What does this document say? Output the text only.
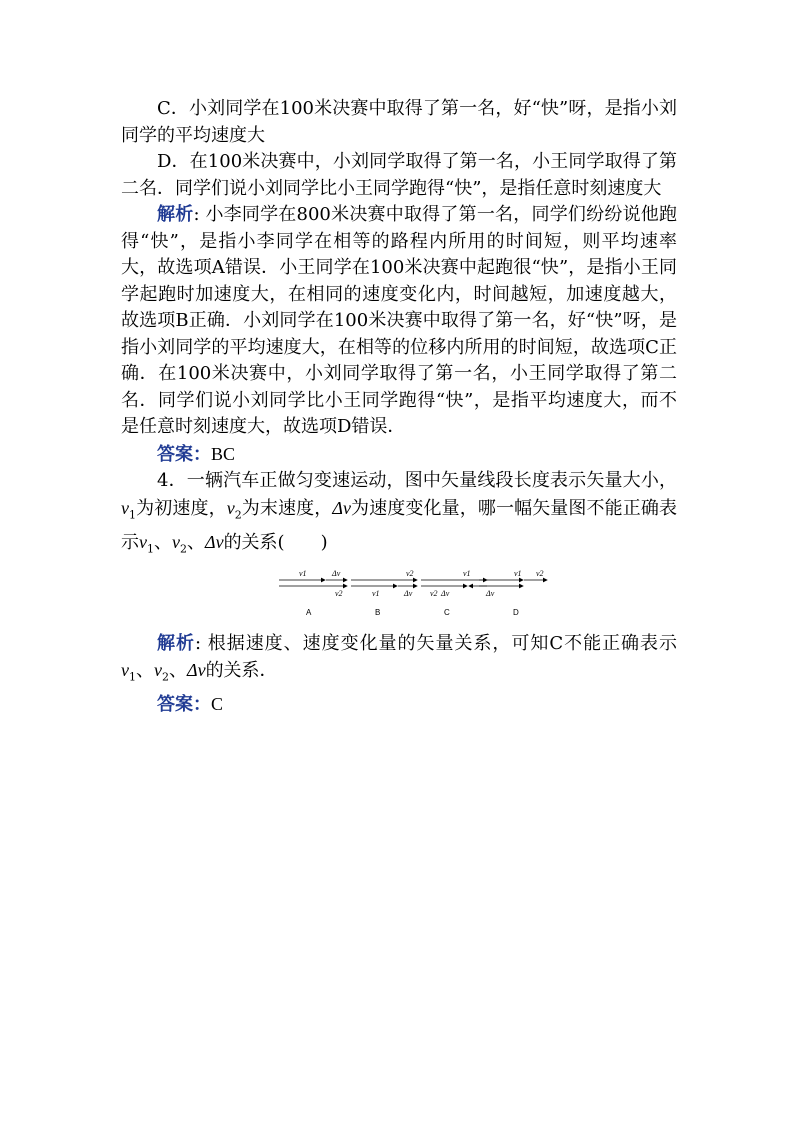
C．小刘同学在100米决赛中取得了第一名，好“快”呀，是指小刘同学的平均速度大

D．在100米决赛中，小刘同学取得了第一名，小王同学取得了第二名．同学们说小刘同学比小王同学跑得“快”，是指任意时刻速度大

解析: 小李同学在800米决赛中取得了第一名，同学们纷纷说他跑得“快”，是指小李同学在相等的路程内所用的时间短，则平均速率大，故选项A错误．小王同学在100米决赛中起跑很“快”，是指小王同学起跑时加速度大，在相同的速度变化内，时间越短，加速度越大，故选项B正确．小刘同学在100米决赛中取得了第一名，好“快”呀，是指小刘同学的平均速度大，在相等的位移内所用的时间短，故选项C正确．在100米决赛中，小刘同学取得了第一名，小王同学取得了第二名．同学们说小刘同学比小王同学跑得“快”，是指平均速度大，而不是任意时刻速度大，故选项D错误．

答案：BC

4．一辆汽车正做匀变速运动，图中矢量线段长度表示矢量大小，$v_1$为初速度，$v_2$为末速度，Δv为速度变化量，哪一幅矢量图不能正确表示$v_1$、$v_2$、Δv的关系(　　)

v1	Δv
v2
A
v2
v1	Δv
B
v1
v2 Δv
C
v1 v2
Δv
D

解析: 根据速度、速度变化量的矢量关系，可知C不能正确表示$v_1$、$v_2$、Δv的关系．

答案：C
